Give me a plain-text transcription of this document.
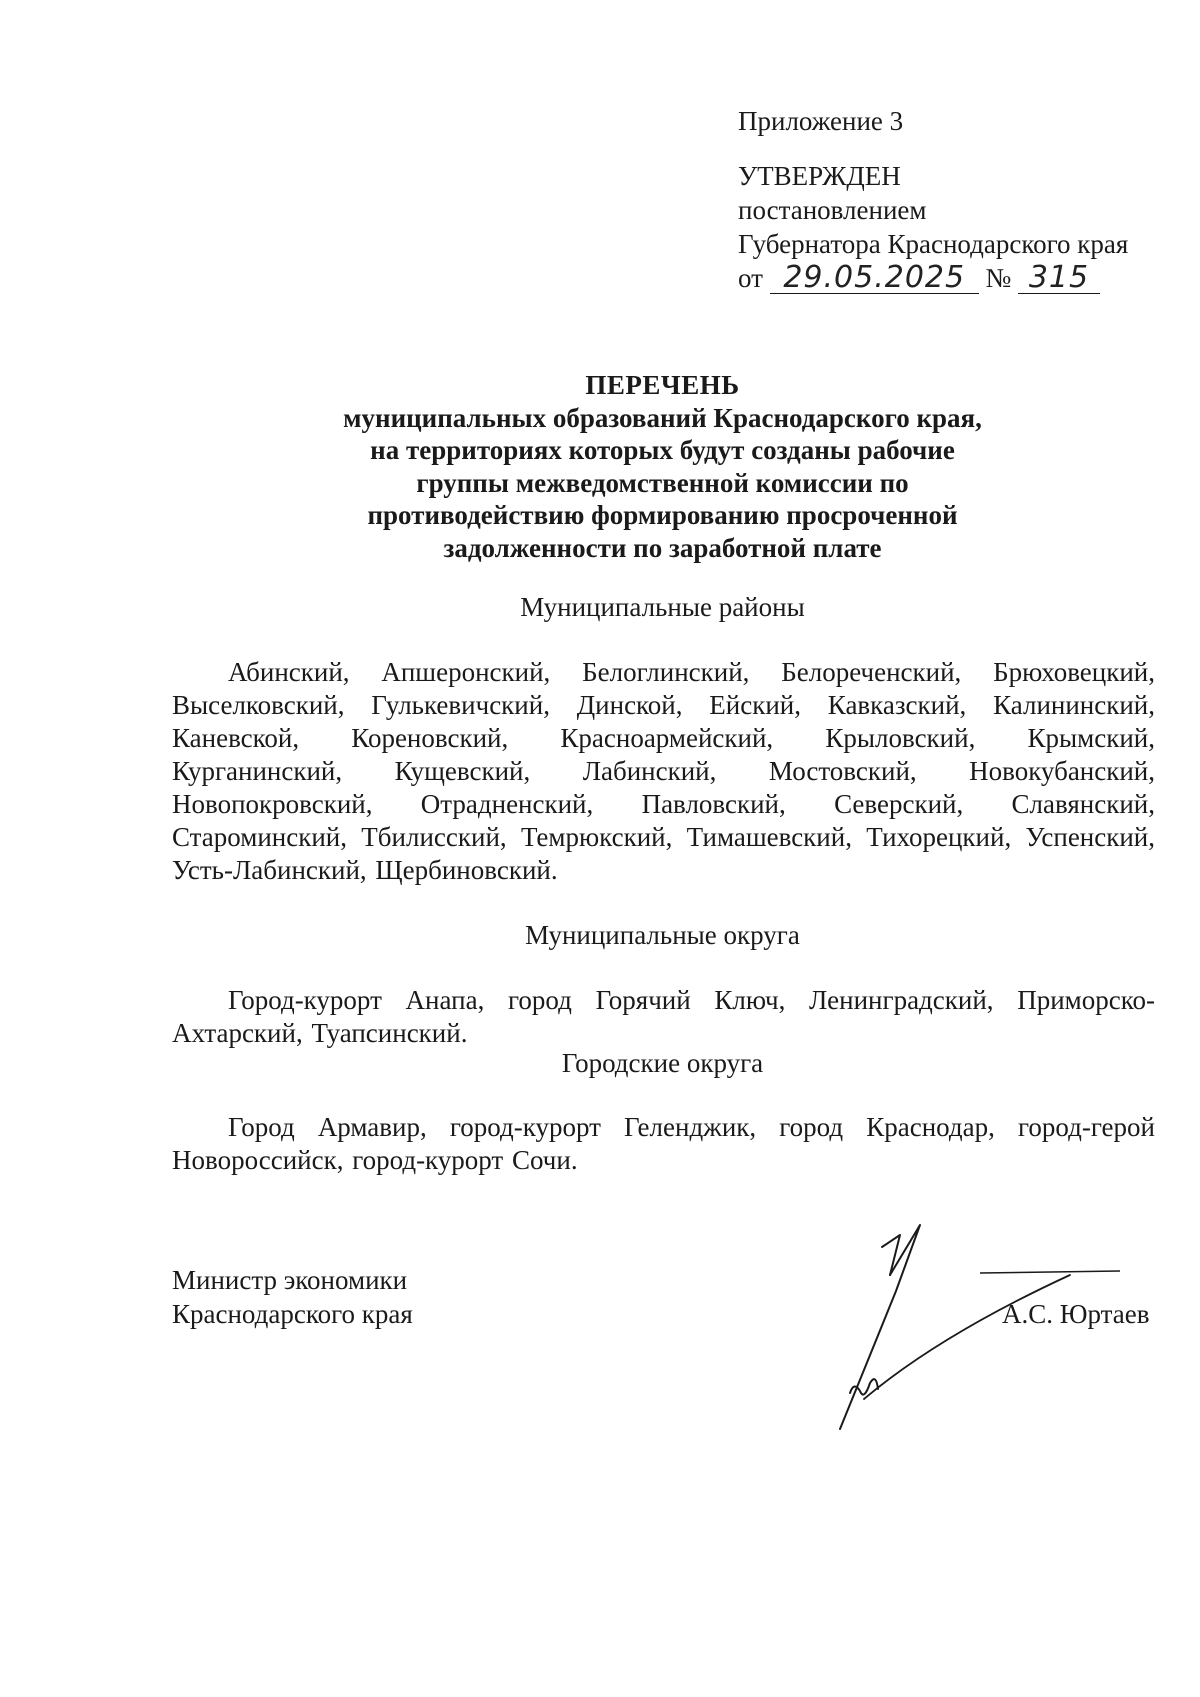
Приложение 3
УТВЕРЖДЕН
постановлением
Губернатора Краснодарского края
от 29.05.2025 № 315
ПЕРЕЧЕНЬ
муниципальных образований Краснодарского края,
на территориях которых будут созданы рабочие
группы межведомственной комиссии по
противодействию формированию просроченной
задолженности по заработной плате
Муниципальные районы
Абинский, Апшеронский, Белоглинский, Белореченский, Брюховецкий, Выселковский, Гулькевичский, Динской, Ейский, Кавказский, Калининский, Каневской, Кореновский, Красноармейский, Крыловский, Крымский, Курганинский, Кущевский, Лабинский, Мостовский, Новокубанский, Новопокровский, Отрадненский, Павловский, Северский, Славянский, Староминский, Тбилисский, Темрюкский, Тимашевский, Тихорецкий, Успенский, Усть-Лабинский, Щербиновский.
Муниципальные округа
Город-курорт Анапа, город Горячий Ключ, Ленинградский, Приморско-Ахтарский, Туапсинский.
Городские округа
Город Армавир, город-курорт Геленджик, город Краснодар, город-герой Новороссийск, город-курорт Сочи.
Министр экономики
Краснодарского края	А.С. Юртаев
